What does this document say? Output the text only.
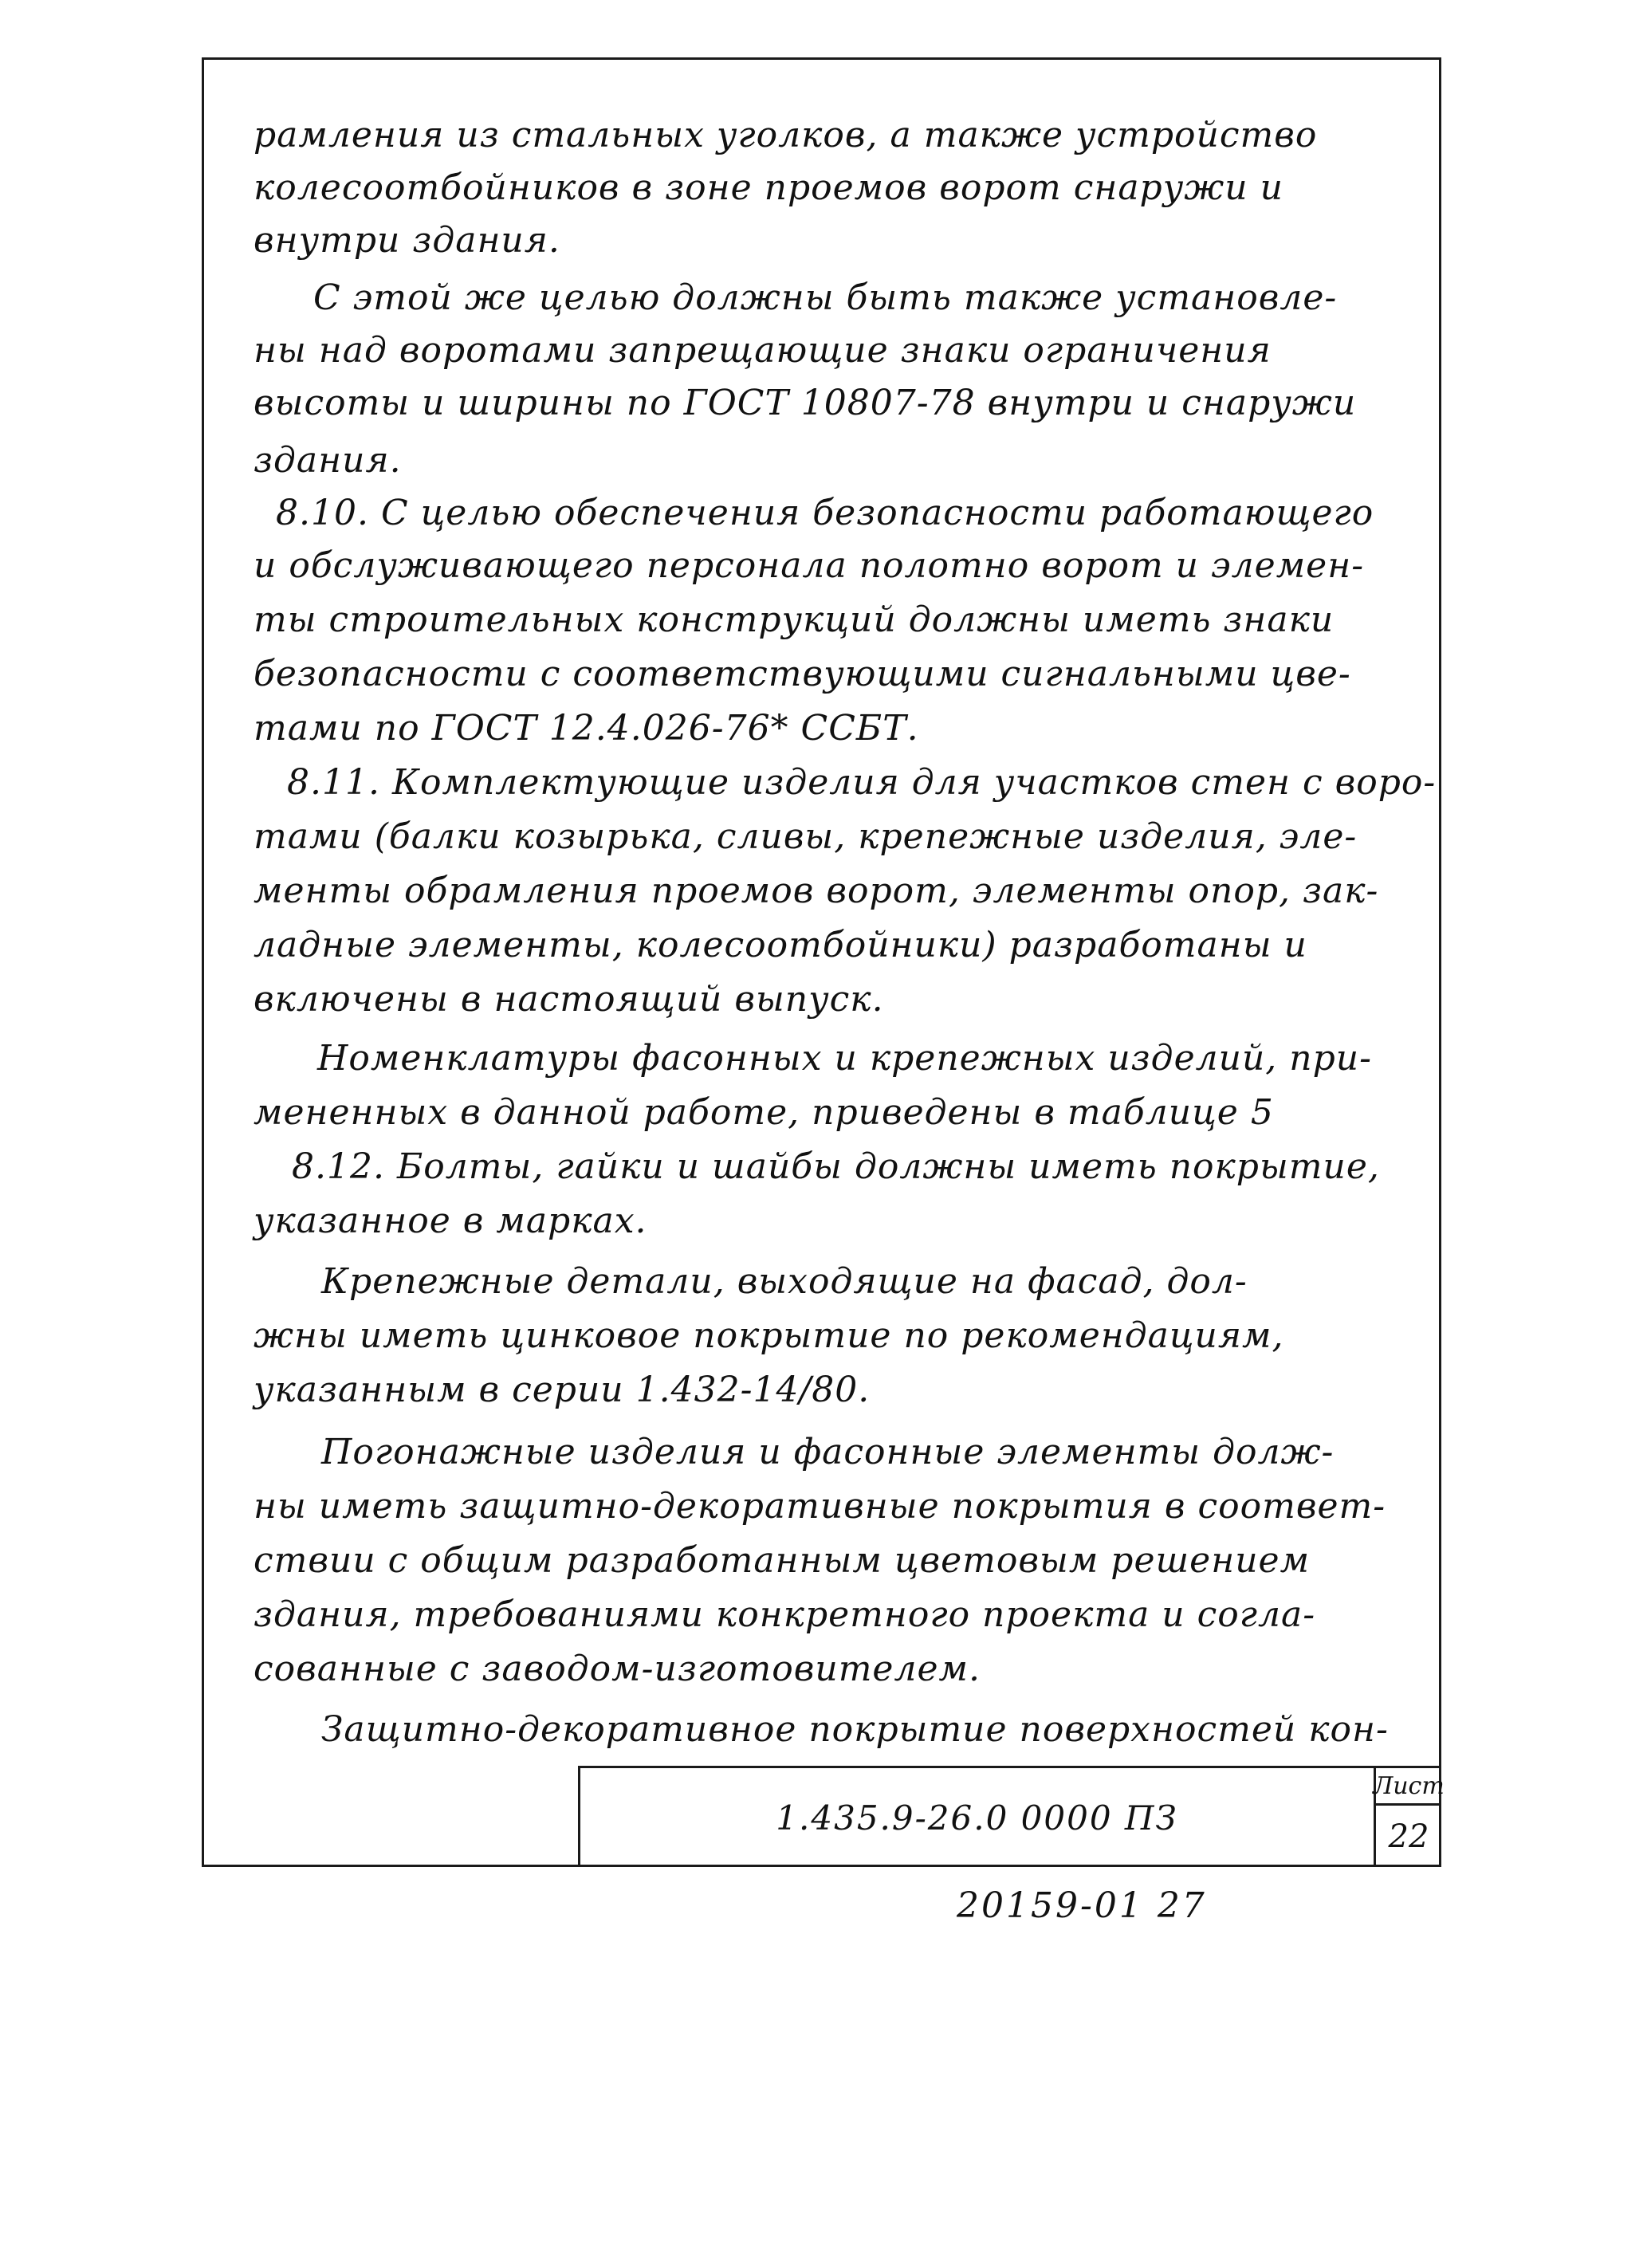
рамления из стальных уголков, а также устройство
колесоотбойников в зоне проемов ворот снаружи и
внутри здания.
С этой же целью должны быть также установле-
ны над воротами запрещающие знаки ограничения
высоты и ширины по ГОСТ 10807-78 внутри и снаружи
здания.
8.10. С целью обеспечения безопасности работающего
и обслуживающего персонала полотно ворот и элемен-
ты строительных конструкций должны иметь знаки
безопасности с соответствующими сигнальными цве-
тами по ГОСТ 12.4.026-76* ССБТ.
8.11. Комплектующие изделия для участков стен с воро-
тами (балки козырька, сливы, крепежные изделия, эле-
менты обрамления проемов ворот, элементы опор, зак-
ладные элементы, колесоотбойники) разработаны и
включены в настоящий выпуск.
Номенклатуры фасонных и крепежных изделий, при-
мененных в данной работе, приведены в таблице 5
8.12. Болты, гайки и шайбы должны иметь покрытие,
указанное в марках.
Крепежные детали, выходящие на фасад, дол-
жны иметь цинковое покрытие по рекомендациям,
указанным в серии 1.432-14/80.
Погонажные изделия и фасонные элементы долж-
ны иметь защитно-декоративные покрытия в соответ-
ствии с общим разработанным цветовым решением
здания, требованиями конкретного проекта и согла-
сованные с заводом-изготовителем.
Защитно-декоративное покрытие поверхностей кон-
1.435.9-26.0 0000 ПЗ
Лист
22
20159-01 27
